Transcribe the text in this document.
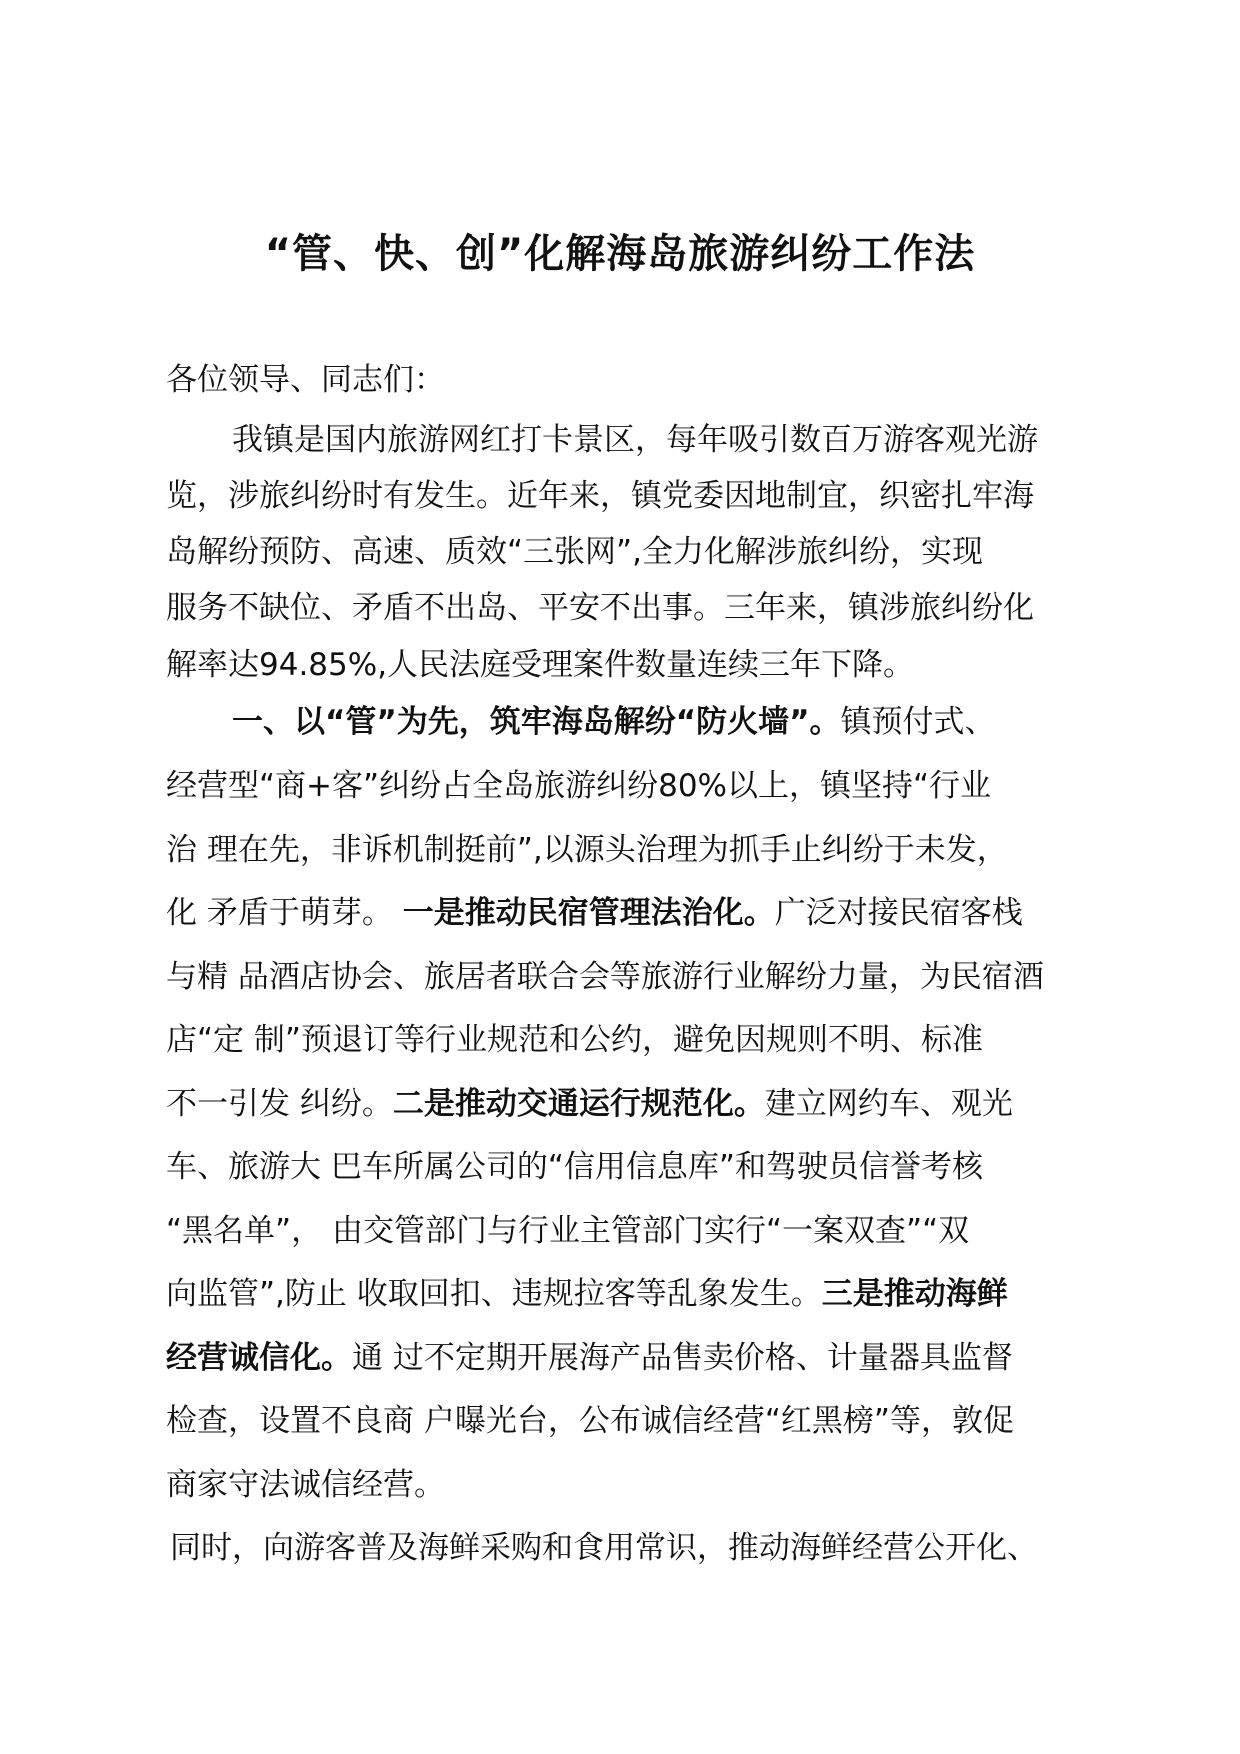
“管、快、创”化解海岛旅游纠纷工作法
各位领导、同志们：
我镇是国内旅游网红打卡景区，每年吸引数百万游客观光游
览，涉旅纠纷时有发生。近年来，镇党委因地制宜，织密扎牢海
岛解纷预防、高速、质效“三张网”,全力化解涉旅纠纷，实现
服务不缺位、矛盾不出岛、平安不出事。三年来，镇涉旅纠纷化
解率达94.85%,人民法庭受理案件数量连续三年下降。
一、以“管”为先，筑牢海岛解纷“防火墙”。镇预付式、
经营型“商+客”纠纷占全岛旅游纠纷80%以上，镇坚持“行业
治 理在先，非诉机制挺前”,以源头治理为抓手止纠纷于未发，
化 矛盾于萌芽。 一是推动民宿管理法治化。广泛对接民宿客栈
与精 品酒店协会、旅居者联合会等旅游行业解纷力量，为民宿酒
店“定 制”预退订等行业规范和公约，避免因规则不明、标准
不一引发 纠纷。二是推动交通运行规范化。建立网约车、观光
车、旅游大 巴车所属公司的“信用信息库”和驾驶员信誉考核
“黑名单”， 由交管部门与行业主管部门实行“一案双查”“双
向监管”,防止 收取回扣、违规拉客等乱象发生。三是推动海鲜
经营诚信化。通 过不定期开展海产品售卖价格、计量器具监督
检查，设置不良商 户曝光台，公布诚信经营“红黑榜”等，敦促
商家守法诚信经营。
同时，向游客普及海鲜采购和食用常识，推动海鲜经营公开化、
